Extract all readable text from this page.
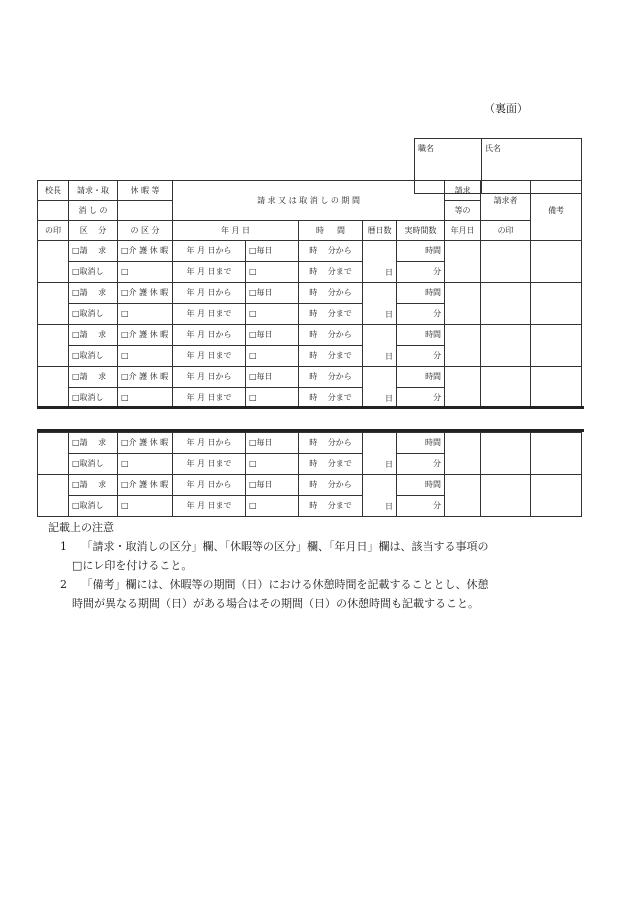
（裏面）
職名	氏名
校長	請求・取	休 暇 等	請 求 又 は 取 消 し の 期 間					請求	請求者	備考
	消 し の							等の		
の印	区　 分	の 区 分	年 月 日		時 　 間	暦日数	実時間数	年月日	の印	
	□請　 求	□介 護 休 暇	年 月 日から	□毎日	時　 分から	日	時間			
	□取消し	□	年 月 日まで	□	時　 分まで		分			
	□請　 求	□介 護 休 暇	年 月 日から	□毎日	時　 分から	日	時間			
	□取消し	□	年 月 日まで	□	時　 分まで		分			
	□請　 求	□介 護 休 暇	年 月 日から	□毎日	時　 分から	日	時間			
	□取消し	□	年 月 日まで	□	時　 分まで		分			
	□請　 求	□介 護 休 暇	年 月 日から	□毎日	時　 分から	日	時間			
	□取消し	□	年 月 日まで	□	時　 分まで		分			
	□請　 求	□介 護 休 暇	年 月 日から	□毎日	時　 分から	日	時間			
	□取消し	□	年 月 日まで	□	時　 分まで		分			
	□請　 求	□介 護 休 暇	年 月 日から	□毎日	時　 分から	日	時間			
	□取消し	□	年 月 日まで	□	時　 分まで		分			
記載上の注意
1　 「請求・取消しの区分」欄、「休暇等の区分」欄、「年月日」欄は、該当する事項の
□にレ印を付けること。
2　 「備考」欄には、休暇等の期間（日）における休憩時間を記載することとし、休憩
時間が異なる期間（日）がある場合はその期間（日）の休憩時間も記載すること。
